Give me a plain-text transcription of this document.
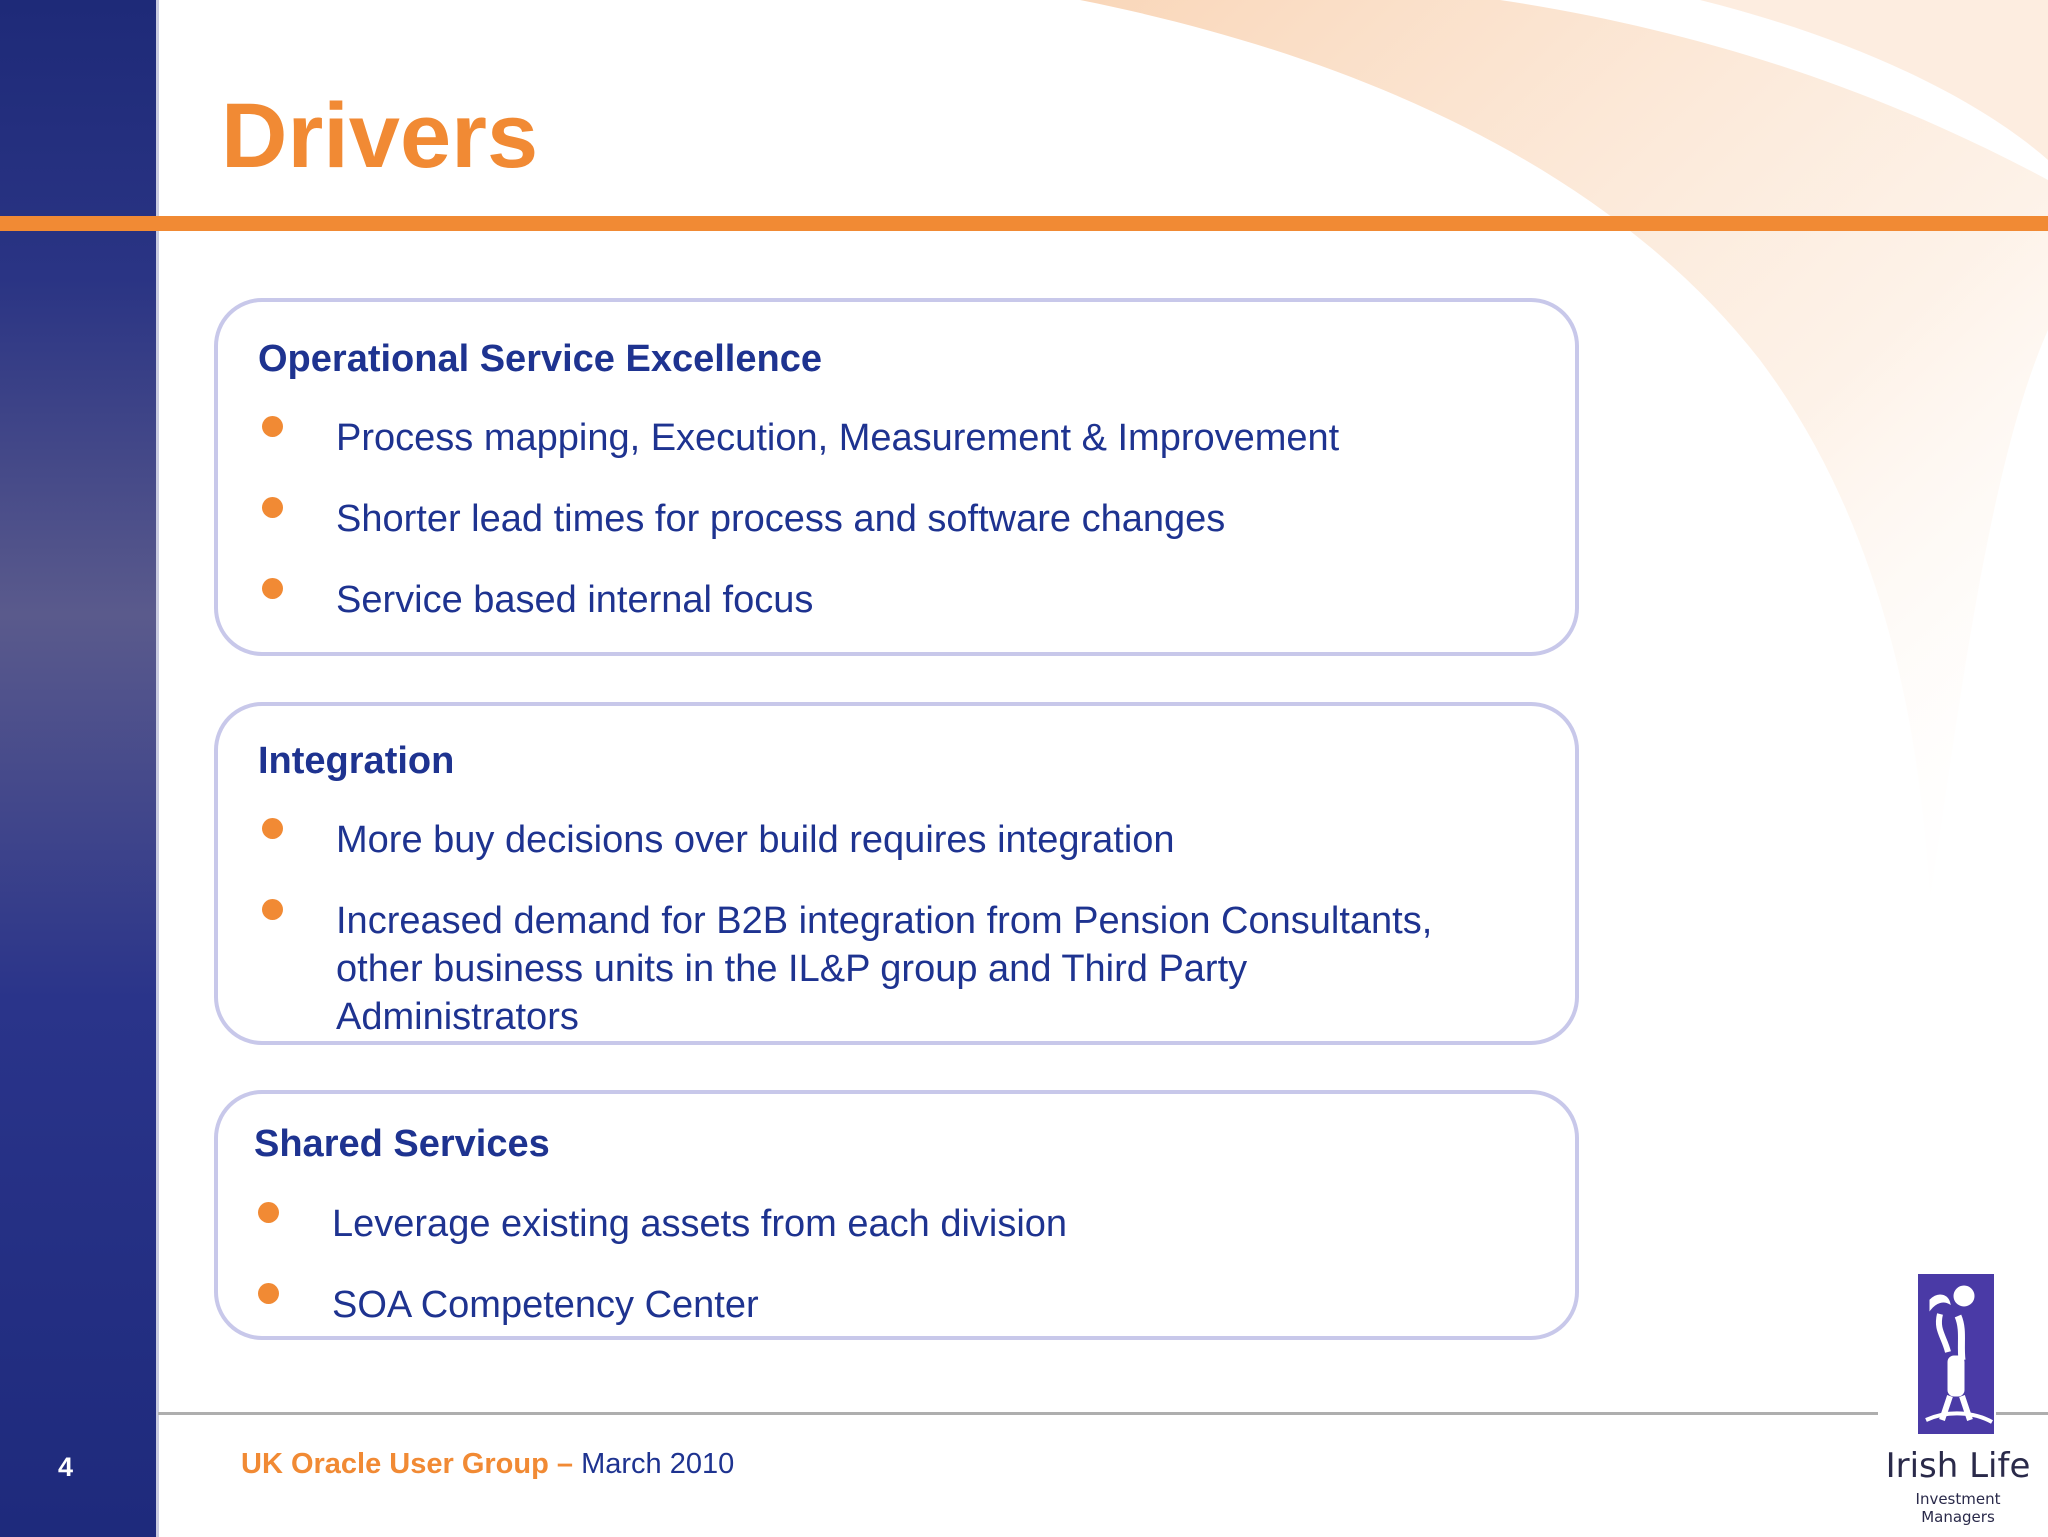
Drivers
Operational Service Excellence

Process mapping, Execution, Measurement & Improvement

Shorter lead times for process and software changes

Service based internal focus

Integration

More buy decisions over build requires integration

Increased demand for B2B integration from Pension Consultants, other business units in the IL&P group and Third Party Administrators

Shared Services

Leverage existing assets from each division

SOA Competency Center

4	UK Oracle User Group – March 2010	Irish Life
Investment Managers
